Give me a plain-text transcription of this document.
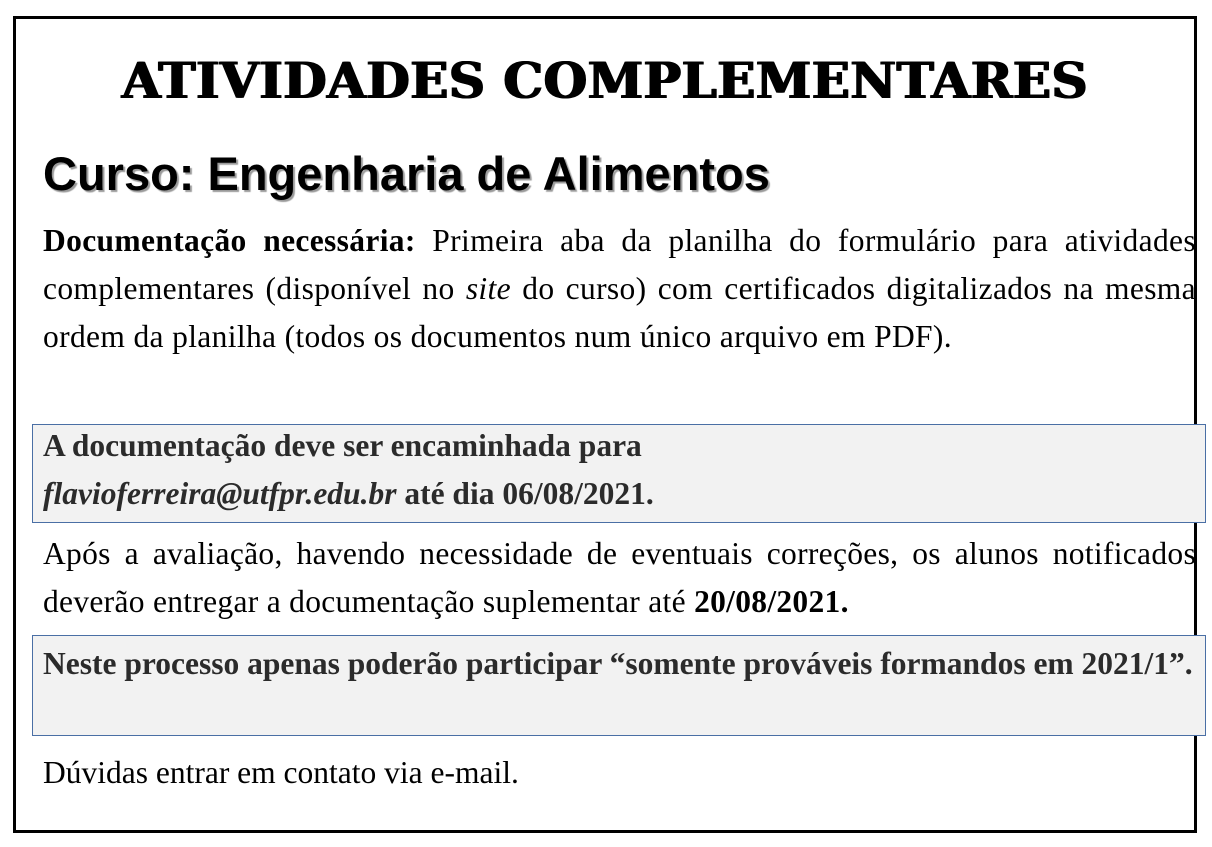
ATIVIDADES COMPLEMENTARES
Curso: Engenharia de Alimentos
Documentação necessária: Primeira aba da planilha do formulário para atividades complementares (disponível no site do curso) com certificados digitalizados na mesma ordem da planilha (todos os documentos num único arquivo em PDF).
A documentação deve ser encaminhada para
flavioferreira@utfpr.edu.br até dia 06/08/2021.
Após a avaliação, havendo necessidade de eventuais correções, os alunos notificados deverão entregar a documentação suplementar até 20/08/2021.
Neste processo apenas poderão participar “somente prováveis formandos em 2021/1”.
Dúvidas entrar em contato via e-mail.
